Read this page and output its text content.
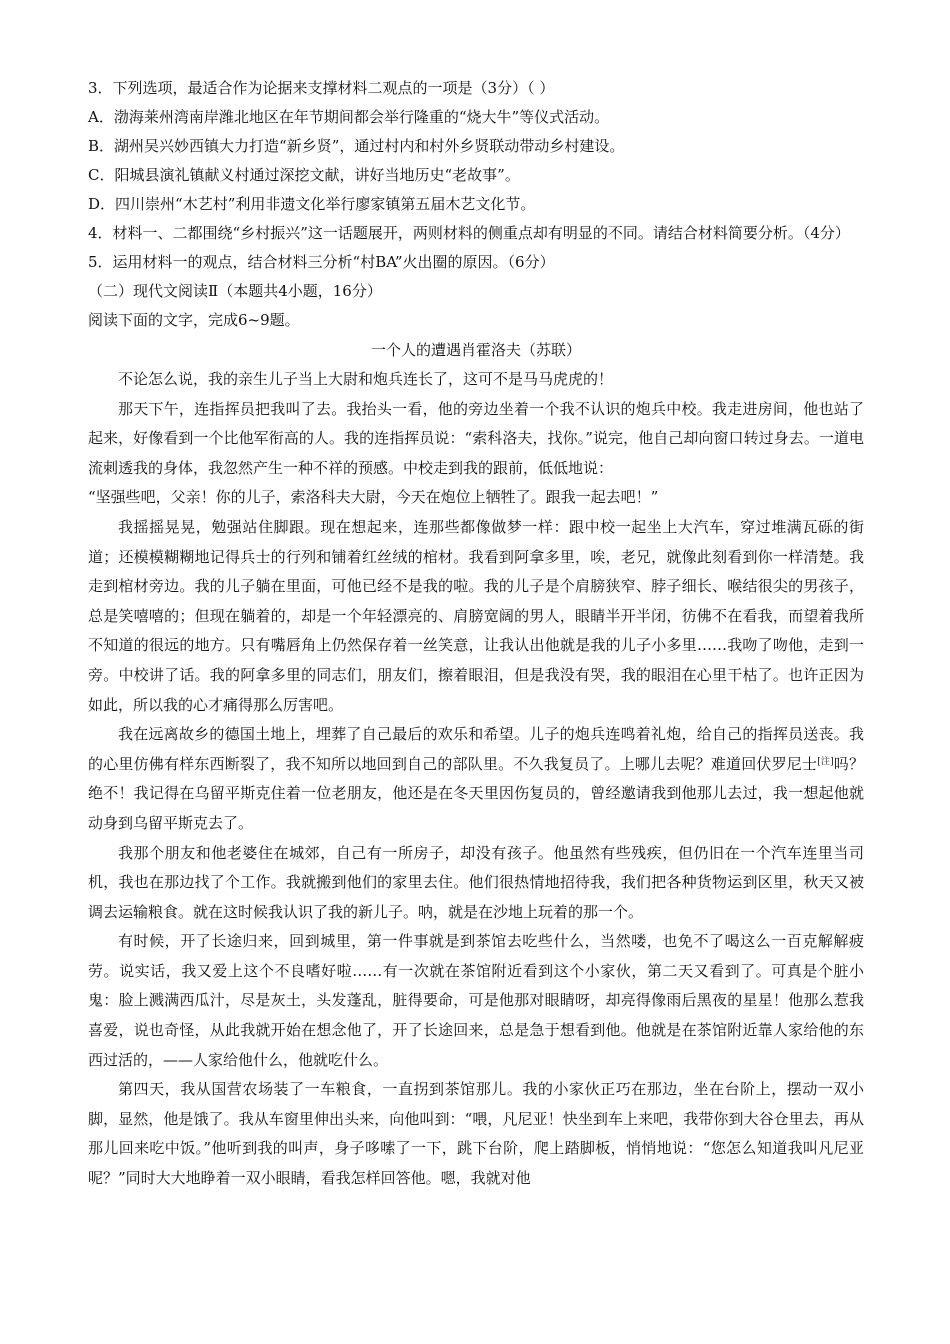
3．下列选项，最适合作为论据来支撑材料二观点的一项是（3分）（ ）

A．渤海莱州湾南岸潍北地区在年节期间都会举行隆重的“烧大牛”等仪式活动。

B．湖州吴兴妙西镇大力打造“新乡贤”，通过村内和村外乡贤联动带动乡村建设。

C．阳城县演礼镇献义村通过深挖文献，讲好当地历史“老故事”。

D．四川崇州“木艺村”利用非遗文化举行廖家镇第五届木艺文化节。

4．材料一、二都围绕“乡村振兴”这一话题展开，两则材料的侧重点却有明显的不同。请结合材料简要分析。（4分）

5．运用材料一的观点，结合材料三分析“村BA”火出圈的原因。（6分）

（二）现代文阅读Ⅱ（本题共4小题，16分）

阅读下面的文字，完成6~9题。

一个人的遭遇肖霍洛夫（苏联）

不论怎么说，我的亲生儿子当上大尉和炮兵连长了，这可不是马马虎虎的！

那天下午，连指挥员把我叫了去。我抬头一看，他的旁边坐着一个我不认识的炮兵中校。我走进房间，他也站了起来，好像看到一个比他军衔高的人。我的连指挥员说：“索科洛夫，找你。”说完，他自己却向窗口转过身去。一道电流刺透我的身体，我忽然产生一种不祥的预感。中校走到我的跟前，低低地说：

“坚强些吧，父亲！你的儿子，索洛科夫大尉，今天在炮位上牺牲了。跟我一起去吧！”

我摇摇晃晃，勉强站住脚跟。现在想起来，连那些都像做梦一样：跟中校一起坐上大汽车，穿过堆满瓦砾的街道；还模模糊糊地记得兵士的行列和铺着红丝绒的棺材。我看到阿拿多里，唉，老兄，就像此刻看到你一样清楚。我走到棺材旁边。我的儿子躺在里面，可他已经不是我的啦。我的儿子是个肩膀狭窄、脖子细长、喉结很尖的男孩子，总是笑嘻嘻的；但现在躺着的，却是一个年轻漂亮的、肩膀宽阔的男人，眼睛半开半闭，彷佛不在看我，而望着我所不知道的很远的地方。只有嘴唇角上仍然保存着一丝笑意，让我认出他就是我的儿子小多里……我吻了吻他，走到一旁。中校讲了话。我的阿拿多里的同志们，朋友们，擦着眼泪，但是我没有哭，我的眼泪在心里干枯了。也许正因为如此，所以我的心才痛得那么厉害吧。

我在远离故乡的德国土地上，埋葬了自己最后的欢乐和希望。儿子的炮兵连鸣着礼炮，给自己的指挥员送丧。我的心里仿佛有样东西断裂了，我不知所以地回到自己的部队里。不久我复员了。上哪儿去呢？难道回伏罗尼士[注]吗？绝不！我记得在乌留平斯克住着一位老朋友，他还是在冬天里因伤复员的，曾经邀请我到他那儿去过，我一想起他就动身到乌留平斯克去了。

我那个朋友和他老婆住在城郊，自己有一所房子，却没有孩子。他虽然有些残疾，但仍旧在一个汽车连里当司机，我也在那边找了个工作。我就搬到他们的家里去住。他们很热情地招待我，我们把各种货物运到区里，秋天又被调去运输粮食。就在这时候我认识了我的新儿子。呐，就是在沙地上玩着的那一个。

有时候，开了长途归来，回到城里，第一件事就是到茶馆去吃些什么，当然喽，也免不了喝这么一百克解解疲劳。说实话，我又爱上这个不良嗜好啦……有一次就在茶馆附近看到这个小家伙，第二天又看到了。可真是个脏小鬼：脸上溅满西瓜汁，尽是灰土，头发蓬乱，脏得要命，可是他那对眼睛呀，却亮得像雨后黑夜的星星！他那么惹我喜爱，说也奇怪，从此我就开始在想念他了，开了长途回来，总是急于想看到他。他就是在茶馆附近靠人家给他的东西过活的，——人家给他什么，他就吃什么。

第四天，我从国营农场装了一车粮食，一直拐到茶馆那儿。我的小家伙正巧在那边，坐在台阶上，摆动一双小脚，显然，他是饿了。我从车窗里伸出头来，向他叫到：“喂，凡尼亚！快坐到车上来吧，我带你到大谷仓里去，再从那儿回来吃中饭。”他听到我的叫声，身子哆嗦了一下，跳下台阶，爬上踏脚板，悄悄地说：“您怎么知道我叫凡尼亚呢？”同时大大地睁着一双小眼睛，看我怎样回答他。嗯，我就对他
